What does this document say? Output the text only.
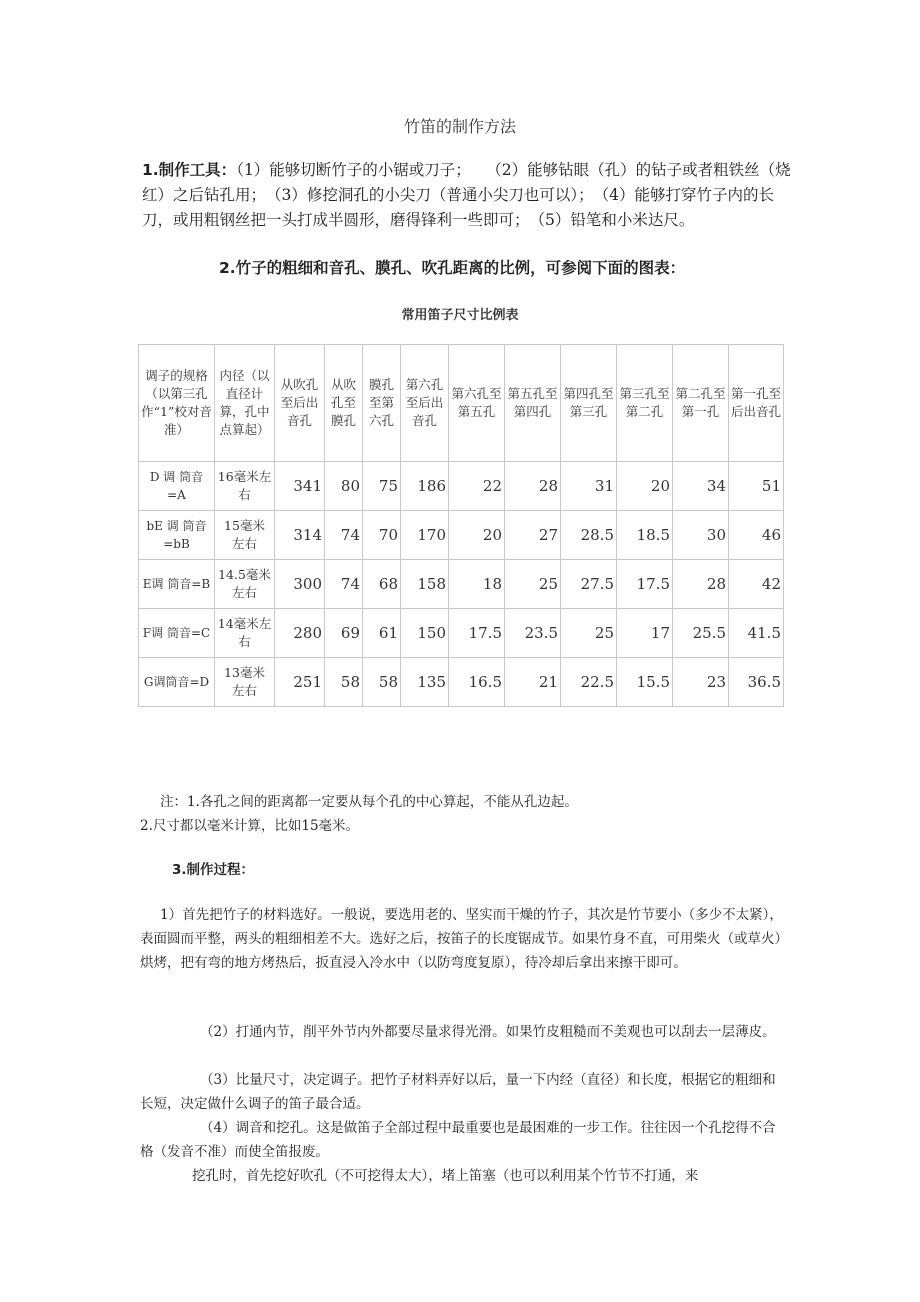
竹笛的制作方法

1.制作工具：（1）能够切断竹子的小锯或刀子；　　（2）能够钻眼（孔）的钻子或者粗铁丝（烧红）之后钻孔用；　（3）修挖洞孔的小尖刀（普通小尖刀也可以）；　（4）能够打穿竹子内的长刀，或用粗钢丝把一头打成半圆形，磨得锋利一些即可；　（5）铅笔和小米达尺。

2.竹子的粗细和音孔、膜孔、吹孔距离的比例，可参阅下面的图表：
常用笛子尺寸比例表
调子的规格（以第三孔作“1”校对音准）	内径（以直径计算，孔中点算起）	从吹孔至后出音孔	从吹孔至膜孔	膜孔至第六孔	第六孔至后出音孔	第六孔至第五孔	第五孔至第四孔	第四孔至第三孔	第三孔至第二孔	第二孔至第一孔	第一孔至后出音孔
D 调 筒音=A	16毫米左右	341	80	75	186	22	28	31	20	34	51
bE 调 筒音=bB	15毫米 左右	314	74	70	170	20	27	28.5	18.5	30	46
E调 筒音=B	14.5毫米左右	300	74	68	158	18	25	27.5	17.5	28	42
F调 筒音=C	14毫米左右	280	69	61	150	17.5	23.5	25	17	25.5	41.5
G调筒音=D	13毫米 左右	251	58	58	135	16.5	21	22.5	15.5	23	36.5
注：1.各孔之间的距离都一定要从每个孔的中心算起，不能从孔边起。
2.尺寸都以毫米计算，比如15毫米。
3.制作过程：

1）首先把竹子的材料选好。一般说，要选用老的、坚实而干燥的竹子，其次是竹节要小（多少不太紧），表面圆而平整，两头的粗细相差不大。选好之后，按笛子的长度锯成节。如果竹身不直，可用柴火（或草火）烘烤，把有弯的地方烤热后，扳直浸入冷水中（以防弯度复原），待冷却后拿出来擦干即可。

（2）打通内节，削平外节内外都要尽量求得光滑。如果竹皮粗糙而不美观也可以刮去一层薄皮。

（3）比量尺寸，决定调子。把竹子材料弄好以后，量一下内经（直径）和长度，根据它的粗细和长短，决定做什么调子的笛子最合适。

（4）调音和挖孔。这是做笛子全部过程中最重要也是最困难的一步工作。往往因一个孔挖得不合格（发音不准）而使全笛报废。

挖孔时，首先挖好吹孔（不可挖得太大），堵上笛塞（也可以利用某个竹节不打通，来
